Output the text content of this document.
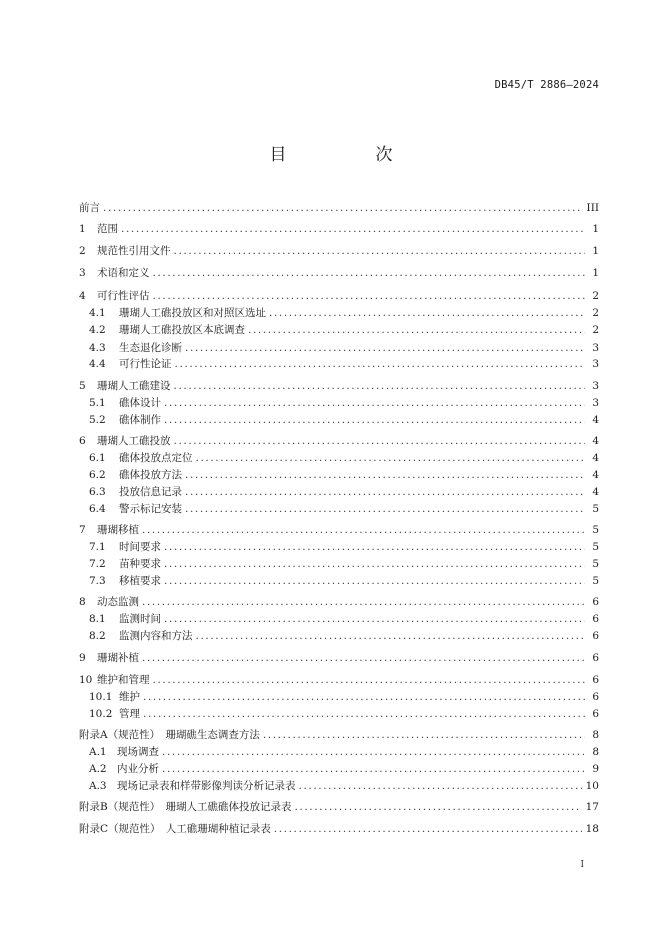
DB45/T 2886—2024
目　次
前言 .....	III
1	范围 .....	1
2	规范性引用文件 .....	1
3	术语和定义 .....	1
4	可行性评估 .....	2
4.1	珊瑚人工礁投放区和对照区选址 .....	2
4.2	珊瑚人工礁投放区本底调查 .....	2
4.3	生态退化诊断 .....	3
4.4	可行性论证 .....	3
5	珊瑚人工礁建设 .....	3
5.1	礁体设计 .....	3
5.2	礁体制作 .....	4
6	珊瑚人工礁投放 .....	4
6.1	礁体投放点定位 .....	4
6.2	礁体投放方法 .....	4
6.3	投放信息记录 .....	4
6.4	警示标记安装 .....	5
7	珊瑚移植 .....	5
7.1	时间要求 .....	5
7.2	苗种要求 .....	5
7.3	移植要求 .....	5
8	动态监测 .....	6
8.1	监测时间 .....	6
8.2	监测内容和方法 .....	6
9	珊瑚补植 .....	6
10 维护和管理 .....	6
10.1 维护 .....	6
10.2 管理 .....	6
附录A（规范性）　珊瑚礁生态调查方法 .....	8
A.1 现场调查 .....	8
A.2 内业分析 .....	9
A.3 现场记录表和样带影像判读分析记录表 .....	10
附录B（规范性）　珊瑚人工礁礁体投放记录表 .....	17
附录C（规范性）　人工礁珊瑚种植记录表 .....	18
I
